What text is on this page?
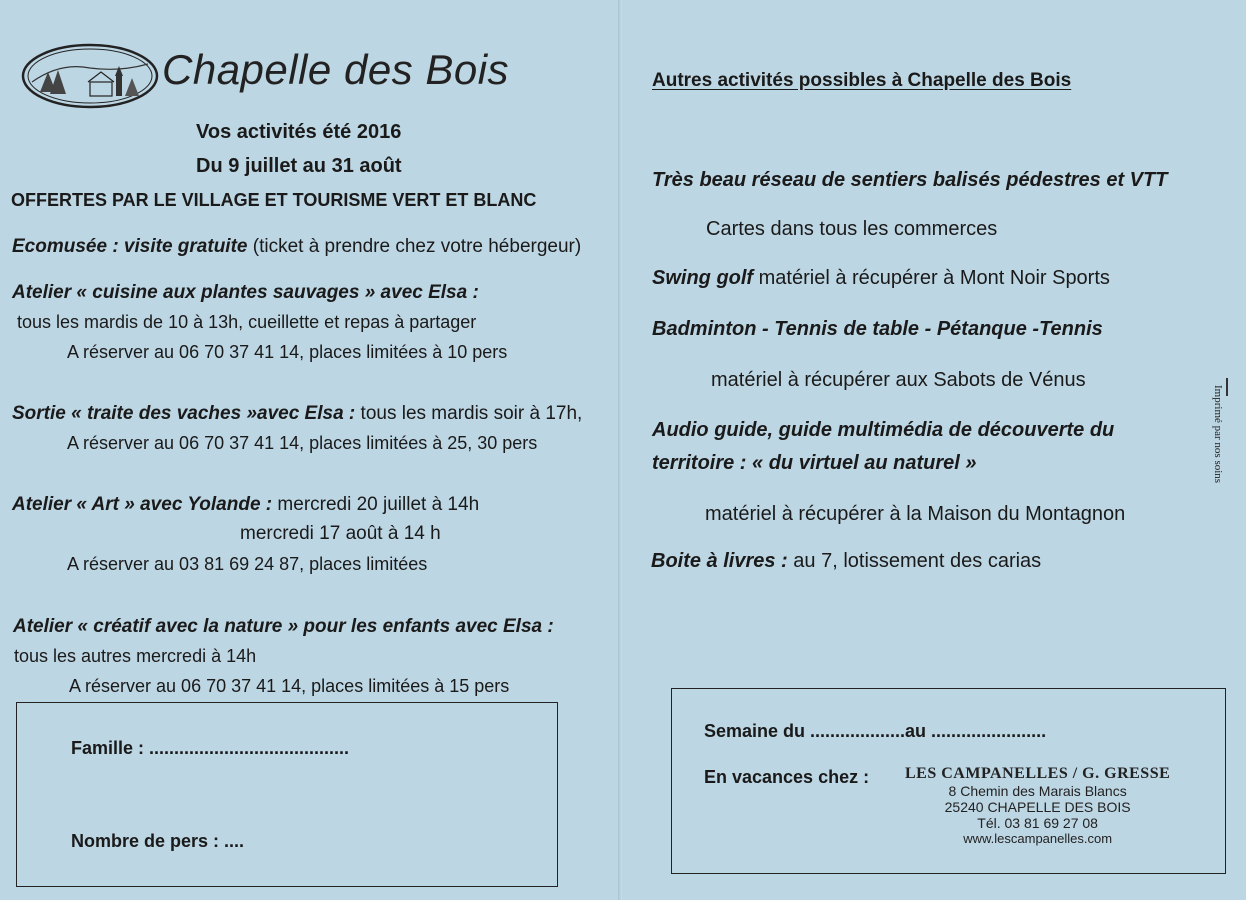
Chapelle des Bois
Vos activités été 2016
Du 9 juillet au 31 août
OFFERTES PAR LE VILLAGE ET TOURISME VERT ET BLANC
Ecomusée : visite gratuite (ticket à prendre chez votre hébergeur)
Atelier « cuisine aux plantes sauvages » avec Elsa :
tous les mardis de 10 à 13h, cueillette et repas à partager
A réserver au 06 70 37 41 14, places limitées à 10 pers
Sortie « traite des vaches »avec Elsa : tous les mardis soir à 17h,
A réserver au 06 70 37 41 14, places limitées à 25, 30 pers
Atelier « Art » avec Yolande : mercredi 20 juillet à 14h
mercredi 17 août à 14 h
A réserver au 03 81 69 24 87, places limitées
Atelier « créatif avec la nature » pour les enfants avec Elsa :
tous les autres mercredi à 14h
A réserver au 06 70 37 41 14, places limitées à 15 pers
Famille : ........................................
Nombre de pers : ....
Autres activités possibles à Chapelle des Bois
Très beau réseau de sentiers balisés pédestres et VTT
Cartes dans tous les commerces
Swing golf matériel à récupérer à Mont Noir Sports
Badminton - Tennis de table - Pétanque -Tennis
matériel à récupérer aux Sabots de Vénus
Audio guide, guide multimédia de découverte du
territoire : « du virtuel au naturel »
matériel à récupérer à la Maison du Montagnon
Boite à livres : au 7, lotissement des carias
Imprimé par nos soins
Semaine du ...................au .......................
En vacances chez : LES CAMPANELLES / G. GRESSE
8 Chemin des Marais Blancs
25240 CHAPELLE DES BOIS
Tél. 03 81 69 27 08
www.lescampanelles.com
